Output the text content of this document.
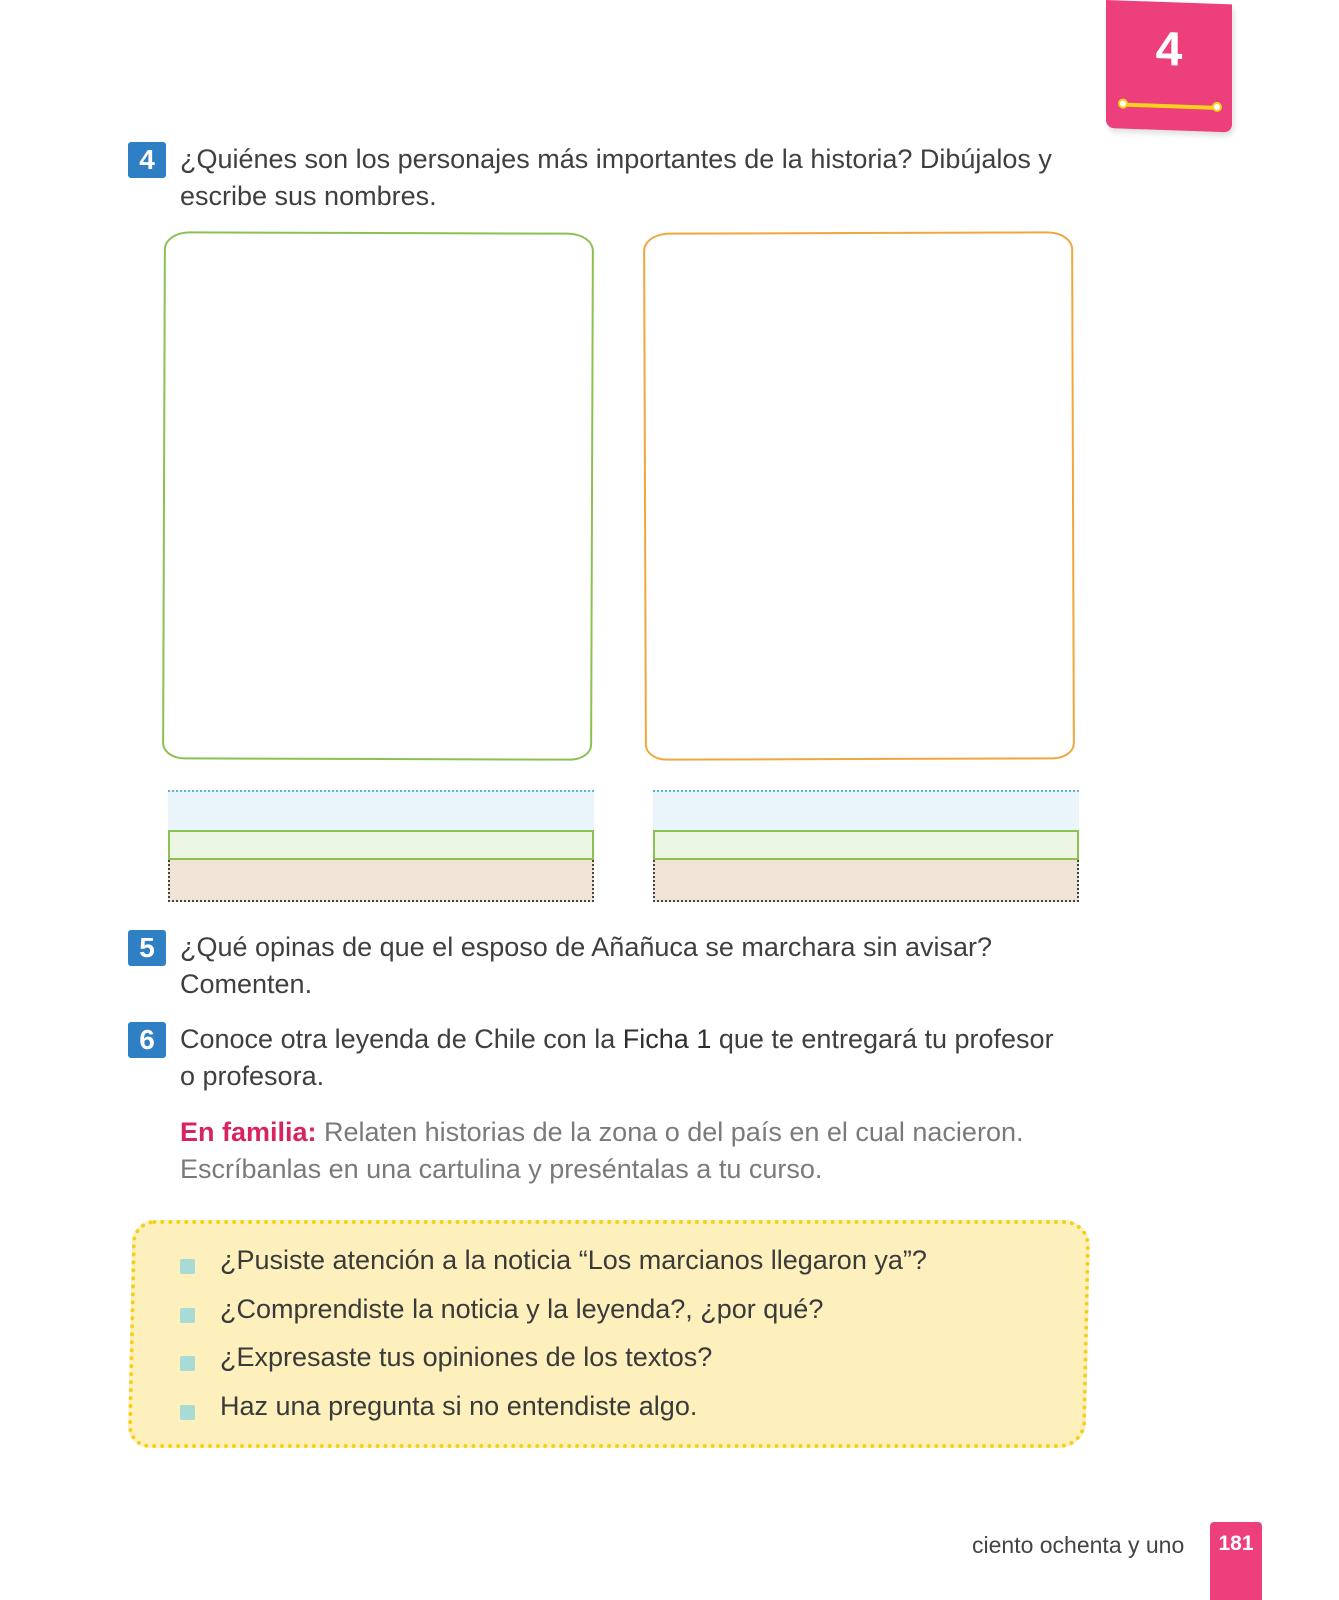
4
4 ¿Quiénes son los personajes más importantes de la historia? Dibújalos y
escribe sus nombres.
5 ¿Qué opinas de que el esposo de Añañuca se marchara sin avisar?
Comenten.
6 Conoce otra leyenda de Chile con la Ficha 1 que te entregará tu profesor
o profesora.
En familia: Relaten historias de la zona o del país en el cual nacieron.
Escríbanlas en una cartulina y preséntalas a tu curso.
¿Pusiste atención a la noticia “Los marcianos llegaron ya”?
¿Comprendiste la noticia y la leyenda?, ¿por qué?
¿Expresaste tus opiniones de los textos?
Haz una pregunta si no entendiste algo.
ciento ochenta y uno	181
